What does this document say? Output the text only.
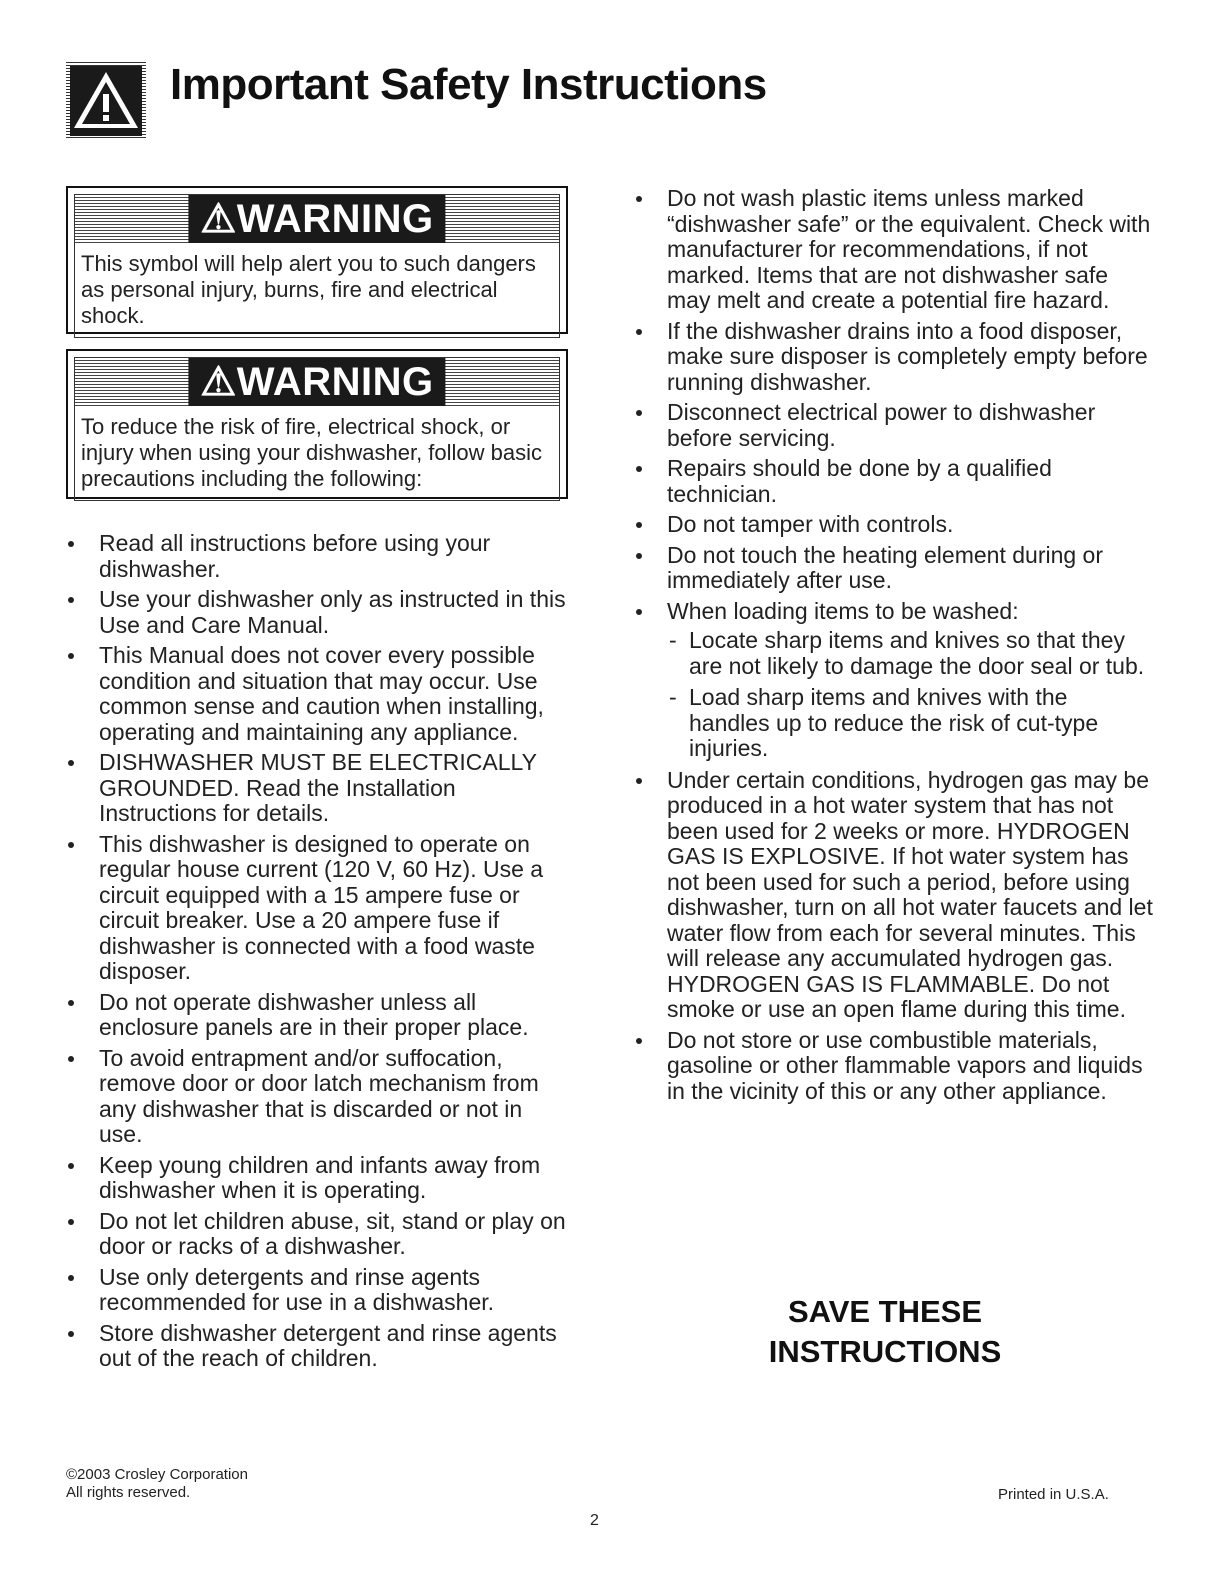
Important Safety Instructions
⚠WARNING
This symbol will help alert you to such dangers as personal injury, burns, fire and electrical shock.
⚠WARNING
To reduce the risk of fire, electrical shock, or injury when using your dishwasher, follow basic precautions including the following:
Read all instructions before using your dishwasher.
Use your dishwasher only as instructed in this Use and Care Manual.
This Manual does not cover every possible condition and situation that may occur. Use common sense and caution when installing, operating and maintaining any appliance.
DISHWASHER MUST BE ELECTRICALLY GROUNDED. Read the Installation Instructions for details.
This dishwasher is designed to operate on regular house current (120 V, 60 Hz). Use a circuit equipped with a 15 ampere fuse or circuit breaker. Use a 20 ampere fuse if dishwasher is connected with a food waste disposer.
Do not operate dishwasher unless all enclosure panels are in their proper place.
To avoid entrapment and/or suffocation, remove door or door latch mechanism from any dishwasher that is discarded or not in use.
Keep young children and infants away from dishwasher when it is operating.
Do not let children abuse, sit, stand or play on door or racks of a dishwasher.
Use only detergents and rinse agents recommended for use in a dishwasher.
Store dishwasher detergent and rinse agents out of the reach of children.
Do not wash plastic items unless marked “dishwasher safe” or the equivalent. Check with manufacturer for recommendations, if not marked. Items that are not dishwasher safe may melt and create a potential fire hazard.
If the dishwasher drains into a food disposer, make sure disposer is completely empty before running dishwasher.
Disconnect electrical power to dishwasher before servicing.
Repairs should be done by a qualified technician.
Do not tamper with controls.
Do not touch the heating element during or immediately after use.
When loading items to be washed:
- Locate sharp items and knives so that they are not likely to damage the door seal or tub.
- Load sharp items and knives with the handles up to reduce the risk of cut-type injuries.
Under certain conditions, hydrogen gas may be produced in a hot water system that has not been used for 2 weeks or more. HYDROGEN GAS IS EXPLOSIVE. If hot water system has not been used for such a period, before using dishwasher, turn on all hot water faucets and let water flow from each for several minutes. This will release any accumulated hydrogen gas. HYDROGEN GAS IS FLAMMABLE. Do not smoke or use an open flame during this time.
Do not store or use combustible materials, gasoline or other flammable vapors and liquids in the vicinity of this or any other appliance.
SAVE THESE
INSTRUCTIONS
©2003 Crosley Corporation
All rights reserved.	Printed in U.S.A.
2
